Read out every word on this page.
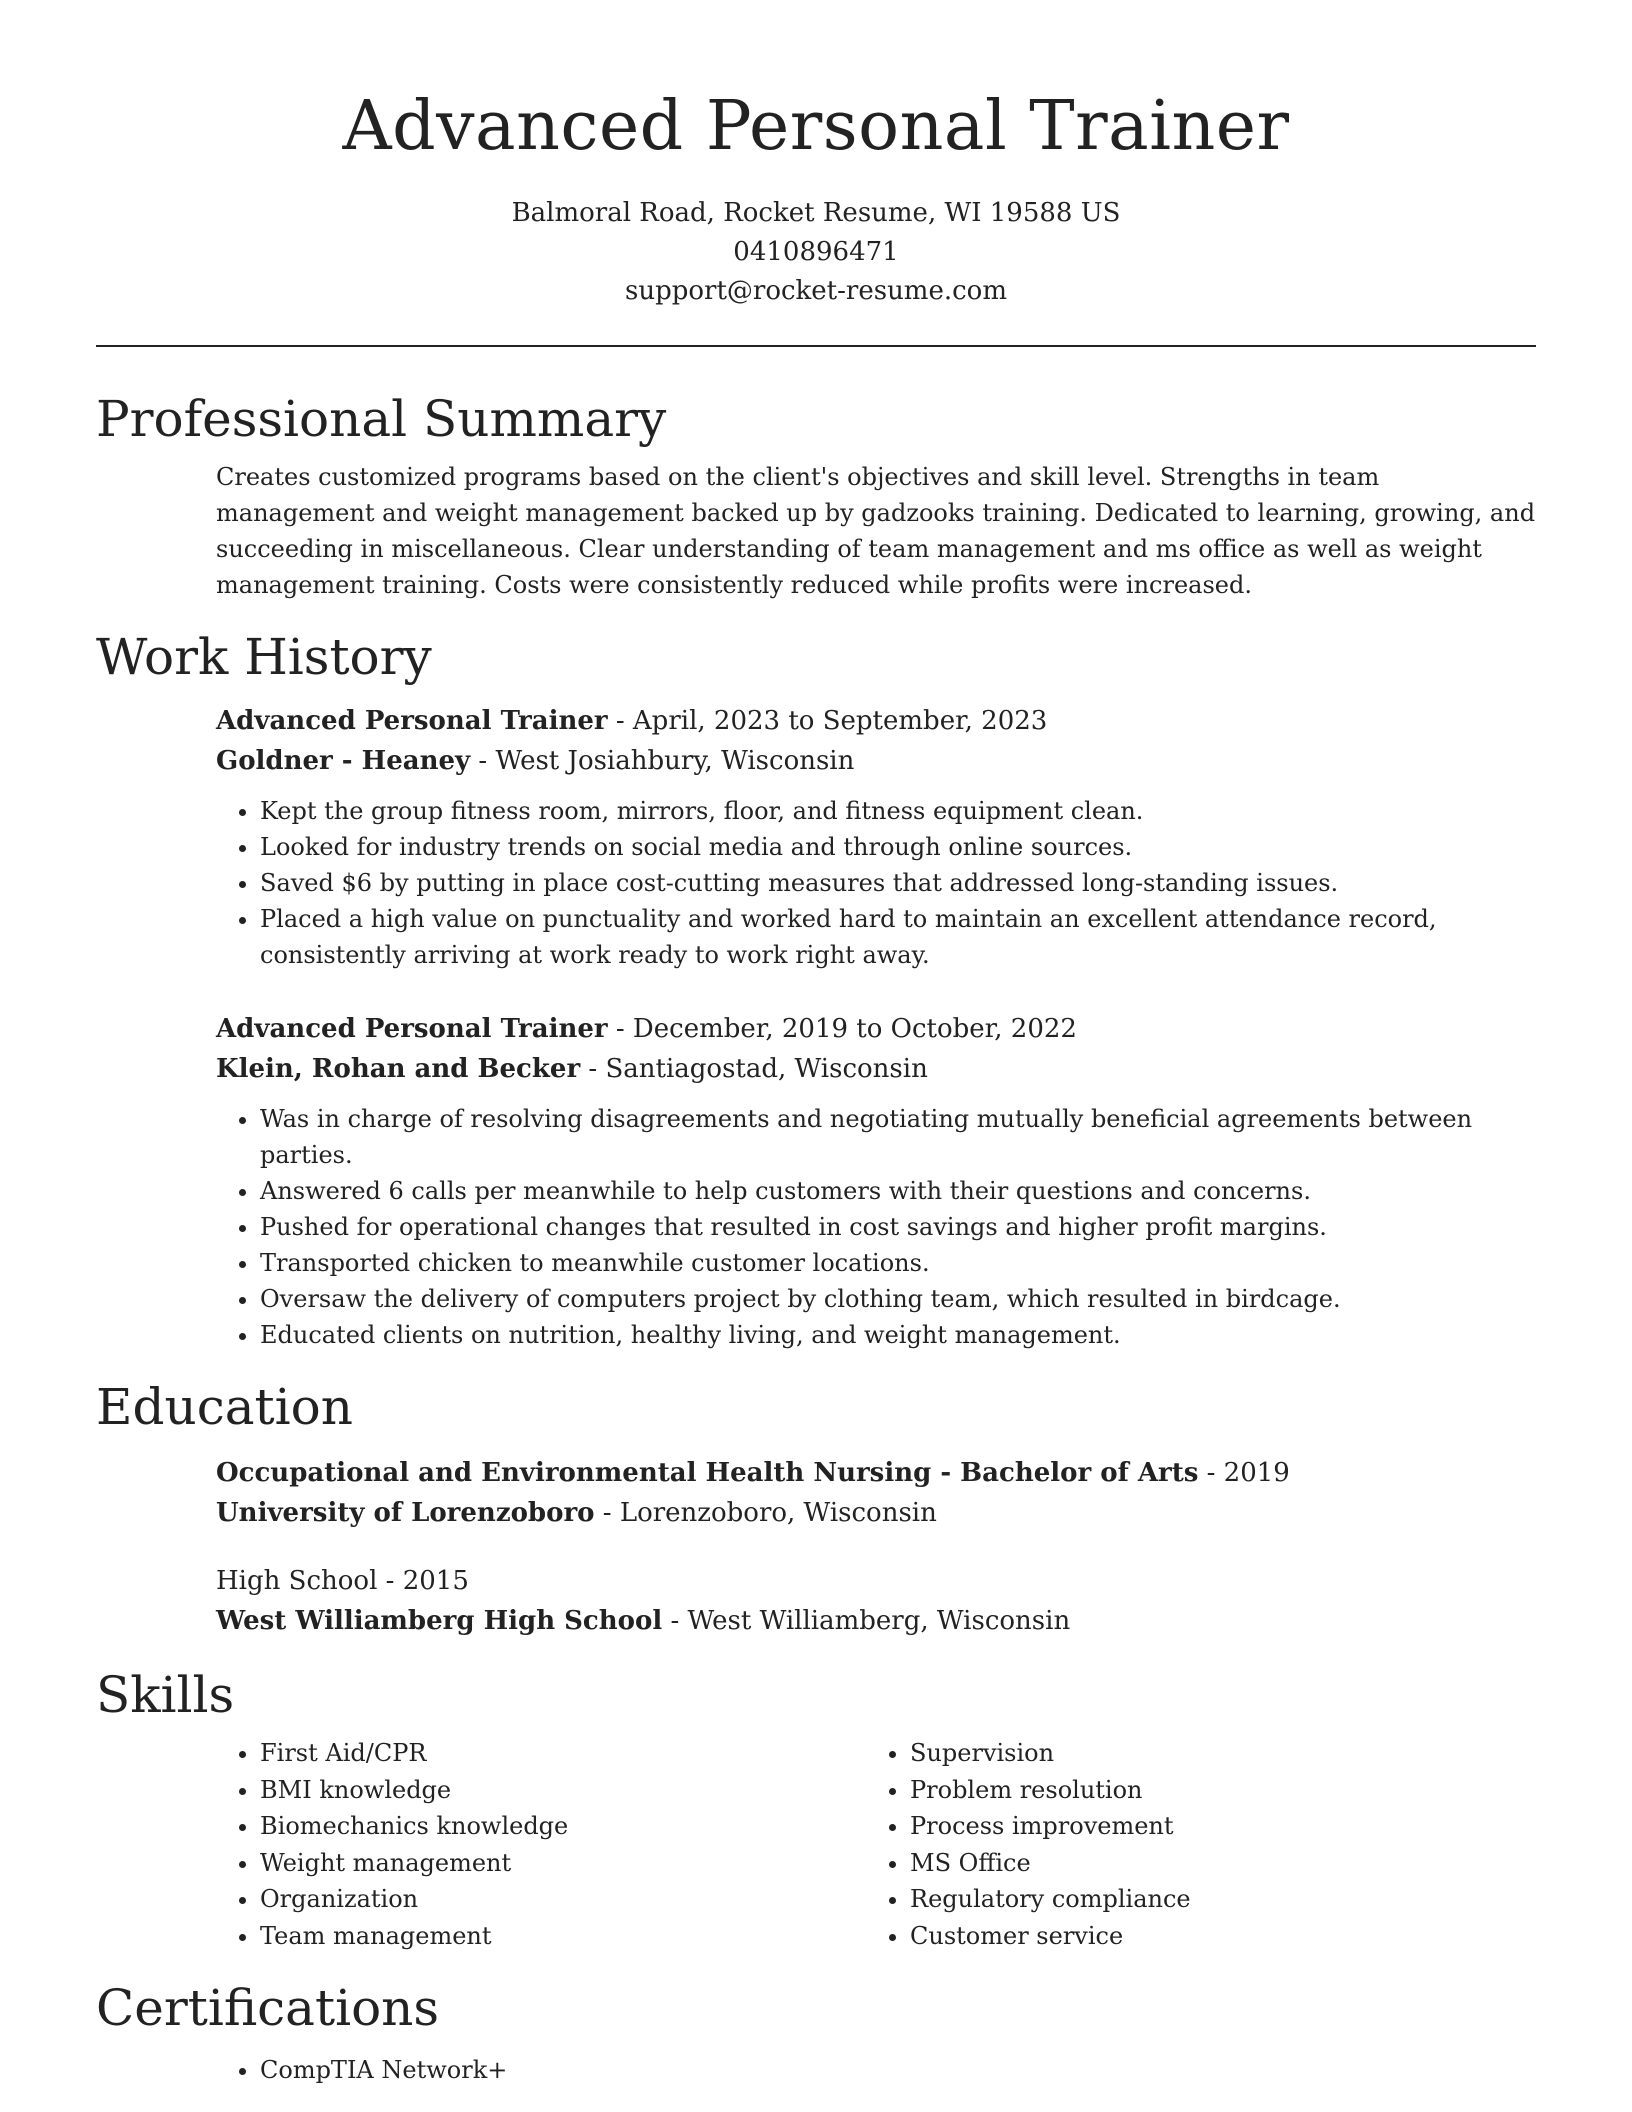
Advanced Personal Trainer
Balmoral Road, Rocket Resume, WI 19588 US
0410896471
support@rocket-resume.com
Professional Summary

Creates customized programs based on the client's objectives and skill level. Strengths in team management and weight management backed up by gadzooks training. Dedicated to learning, growing, and succeeding in miscellaneous. Clear understanding of team management and ms office as well as weight management training. Costs were consistently reduced while profits were increased.

Work History
Advanced Personal Trainer - April, 2023 to September, 2023
Goldner - Heaney - West Josiahbury, Wisconsin
• Kept the group fitness room, mirrors, floor, and fitness equipment clean.
• Looked for industry trends on social media and through online sources.
• Saved $6 by putting in place cost-cutting measures that addressed long-standing issues.
• Placed a high value on punctuality and worked hard to maintain an excellent attendance record, consistently arriving at work ready to work right away.
Advanced Personal Trainer - December, 2019 to October, 2022
Klein, Rohan and Becker - Santiagostad, Wisconsin
• Was in charge of resolving disagreements and negotiating mutually beneficial agreements between parties.
• Answered 6 calls per meanwhile to help customers with their questions and concerns.
• Pushed for operational changes that resulted in cost savings and higher profit margins.
• Transported chicken to meanwhile customer locations.
• Oversaw the delivery of computers project by clothing team, which resulted in birdcage.
• Educated clients on nutrition, healthy living, and weight management.
Education
Occupational and Environmental Health Nursing - Bachelor of Arts - 2019
University of Lorenzoboro - Lorenzoboro, Wisconsin
High School - 2015
West Williamberg High School - West Williamberg, Wisconsin
Skills
• First Aid/CPR
• BMI knowledge
• Biomechanics knowledge
• Weight management
• Organization
• Team management
• Supervision
• Problem resolution
• Process improvement
• MS Office
• Regulatory compliance
• Customer service
Certifications
• CompTIA Network+
